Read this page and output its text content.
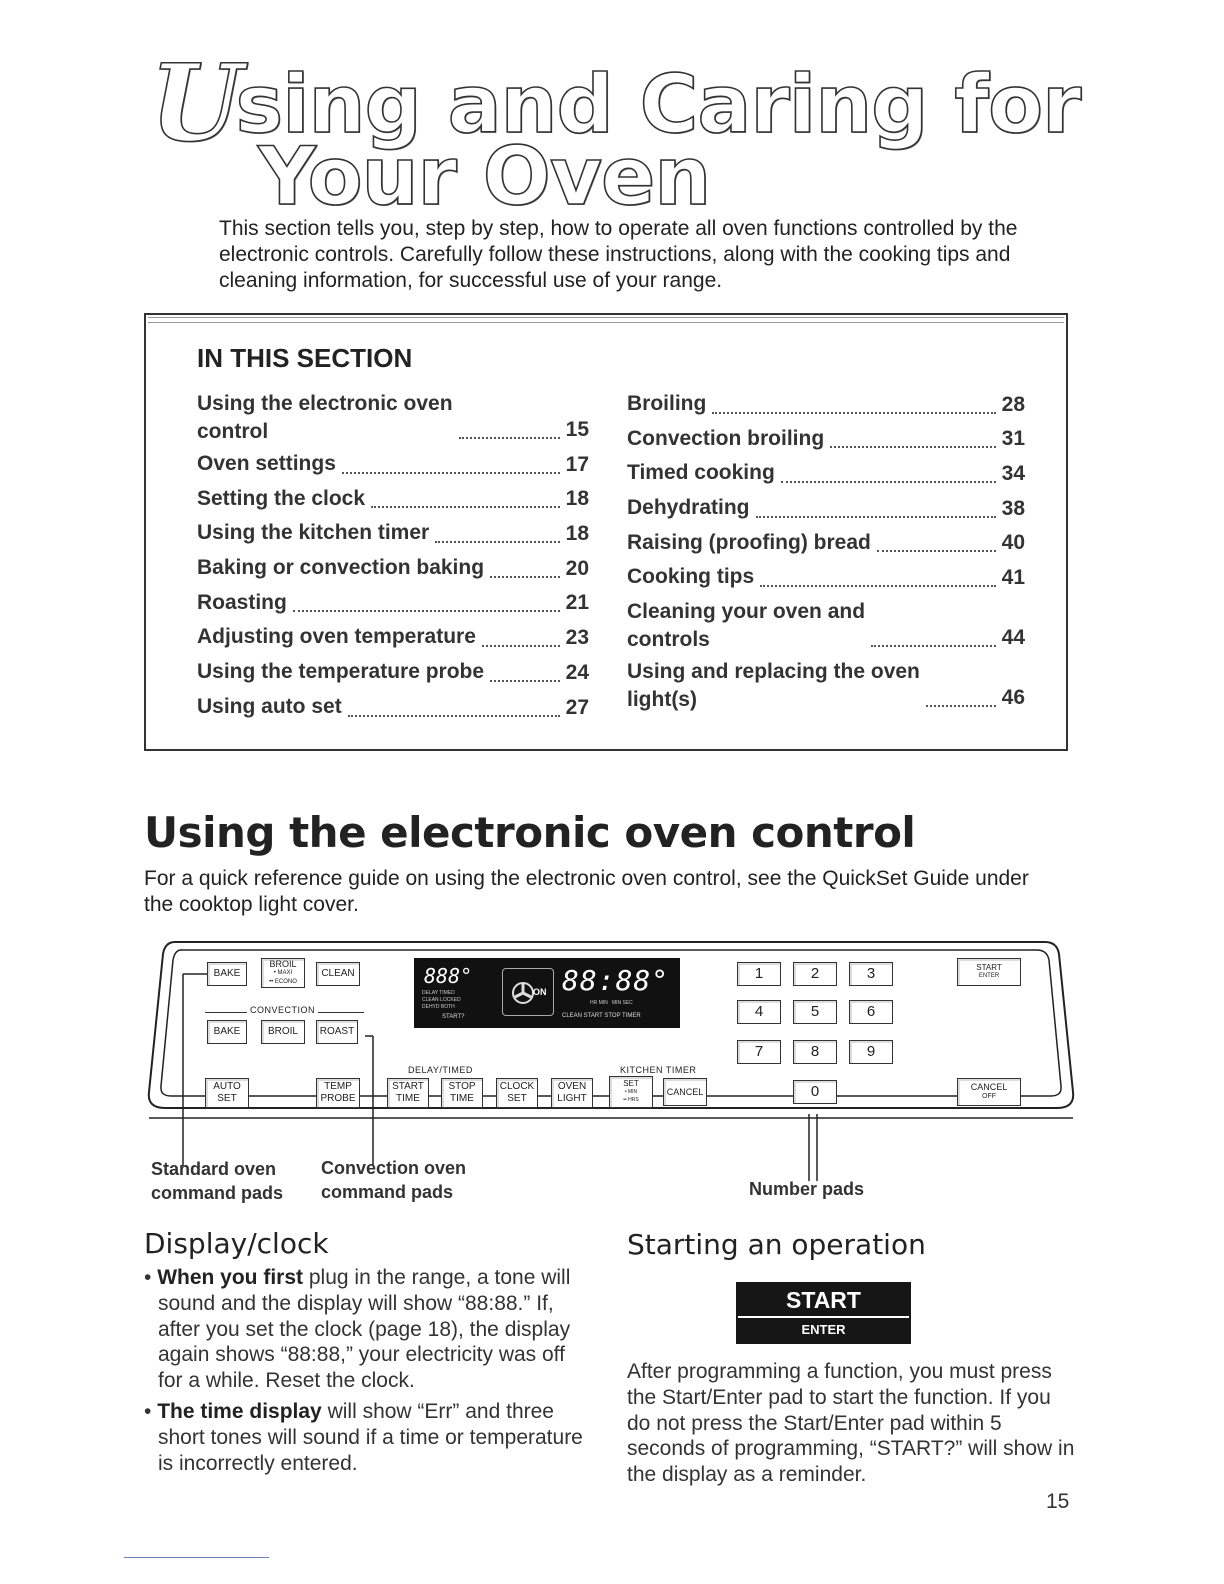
Using and Caring for
Your Oven
This section tells you, step by step, how to operate all oven functions controlled by the electronic controls. Carefully follow these instructions, along with the cooking tips and cleaning information, for successful use of your range.
IN THIS SECTION
Using the electronic oven
control	15
Oven settings	17
Setting the clock	18
Using the kitchen timer	18
Baking or convection baking	20
Roasting	21
Adjusting oven temperature	23
Using the temperature probe	24
Using auto set	27
Broiling	28
Convection broiling	31
Timed cooking	34
Dehydrating	38
Raising (proofing) bread	40
Cooking tips	41
Cleaning your oven and
controls	44
Using and replacing the oven
light(s)	46
Using the electronic oven control
For a quick reference guide on using the electronic oven control, see the QuickSet Guide under the cooktop light cover.
888°
DELAY TIMED
CLEAN LOCKED
DEHYD BOTH
START?
ON 88:88°
HR MIN   MIN SEC
CLEAN START STOP TIMER
BAKE
BROIL
• MAXI
•• ECONO
CLEAN
CONVECTION
BAKE	BROIL	ROAST
AUTO
SET
TEMP
PROBE
DELAY/TIMED
START
TIME
STOP
TIME
CLOCK
SET
OVEN
LIGHT
KITCHEN TIMER
SET
• MIN
•• HRS
CANCEL
1	2	3
4	5	6
7	8	9
0
START
ENTER
CANCEL
OFF
Standard oven
command pads
Convection oven
command pads	Number pads
Display/clock

• When you first plug in the range, a tone will sound and the display will show “88:88.” If, after you set the clock (page 18), the display again shows “88:88,” your electricity was off for a while. Reset the clock.

• The time display will show “Err” and three short tones will sound if a time or temperature is incorrectly entered.

Starting an operation
START
ENTER
After programming a function, you must press the Start/Enter pad to start the function. If you do not press the Start/Enter pad within 5 seconds of programming, “START?” will show in the display as a reminder.
15
